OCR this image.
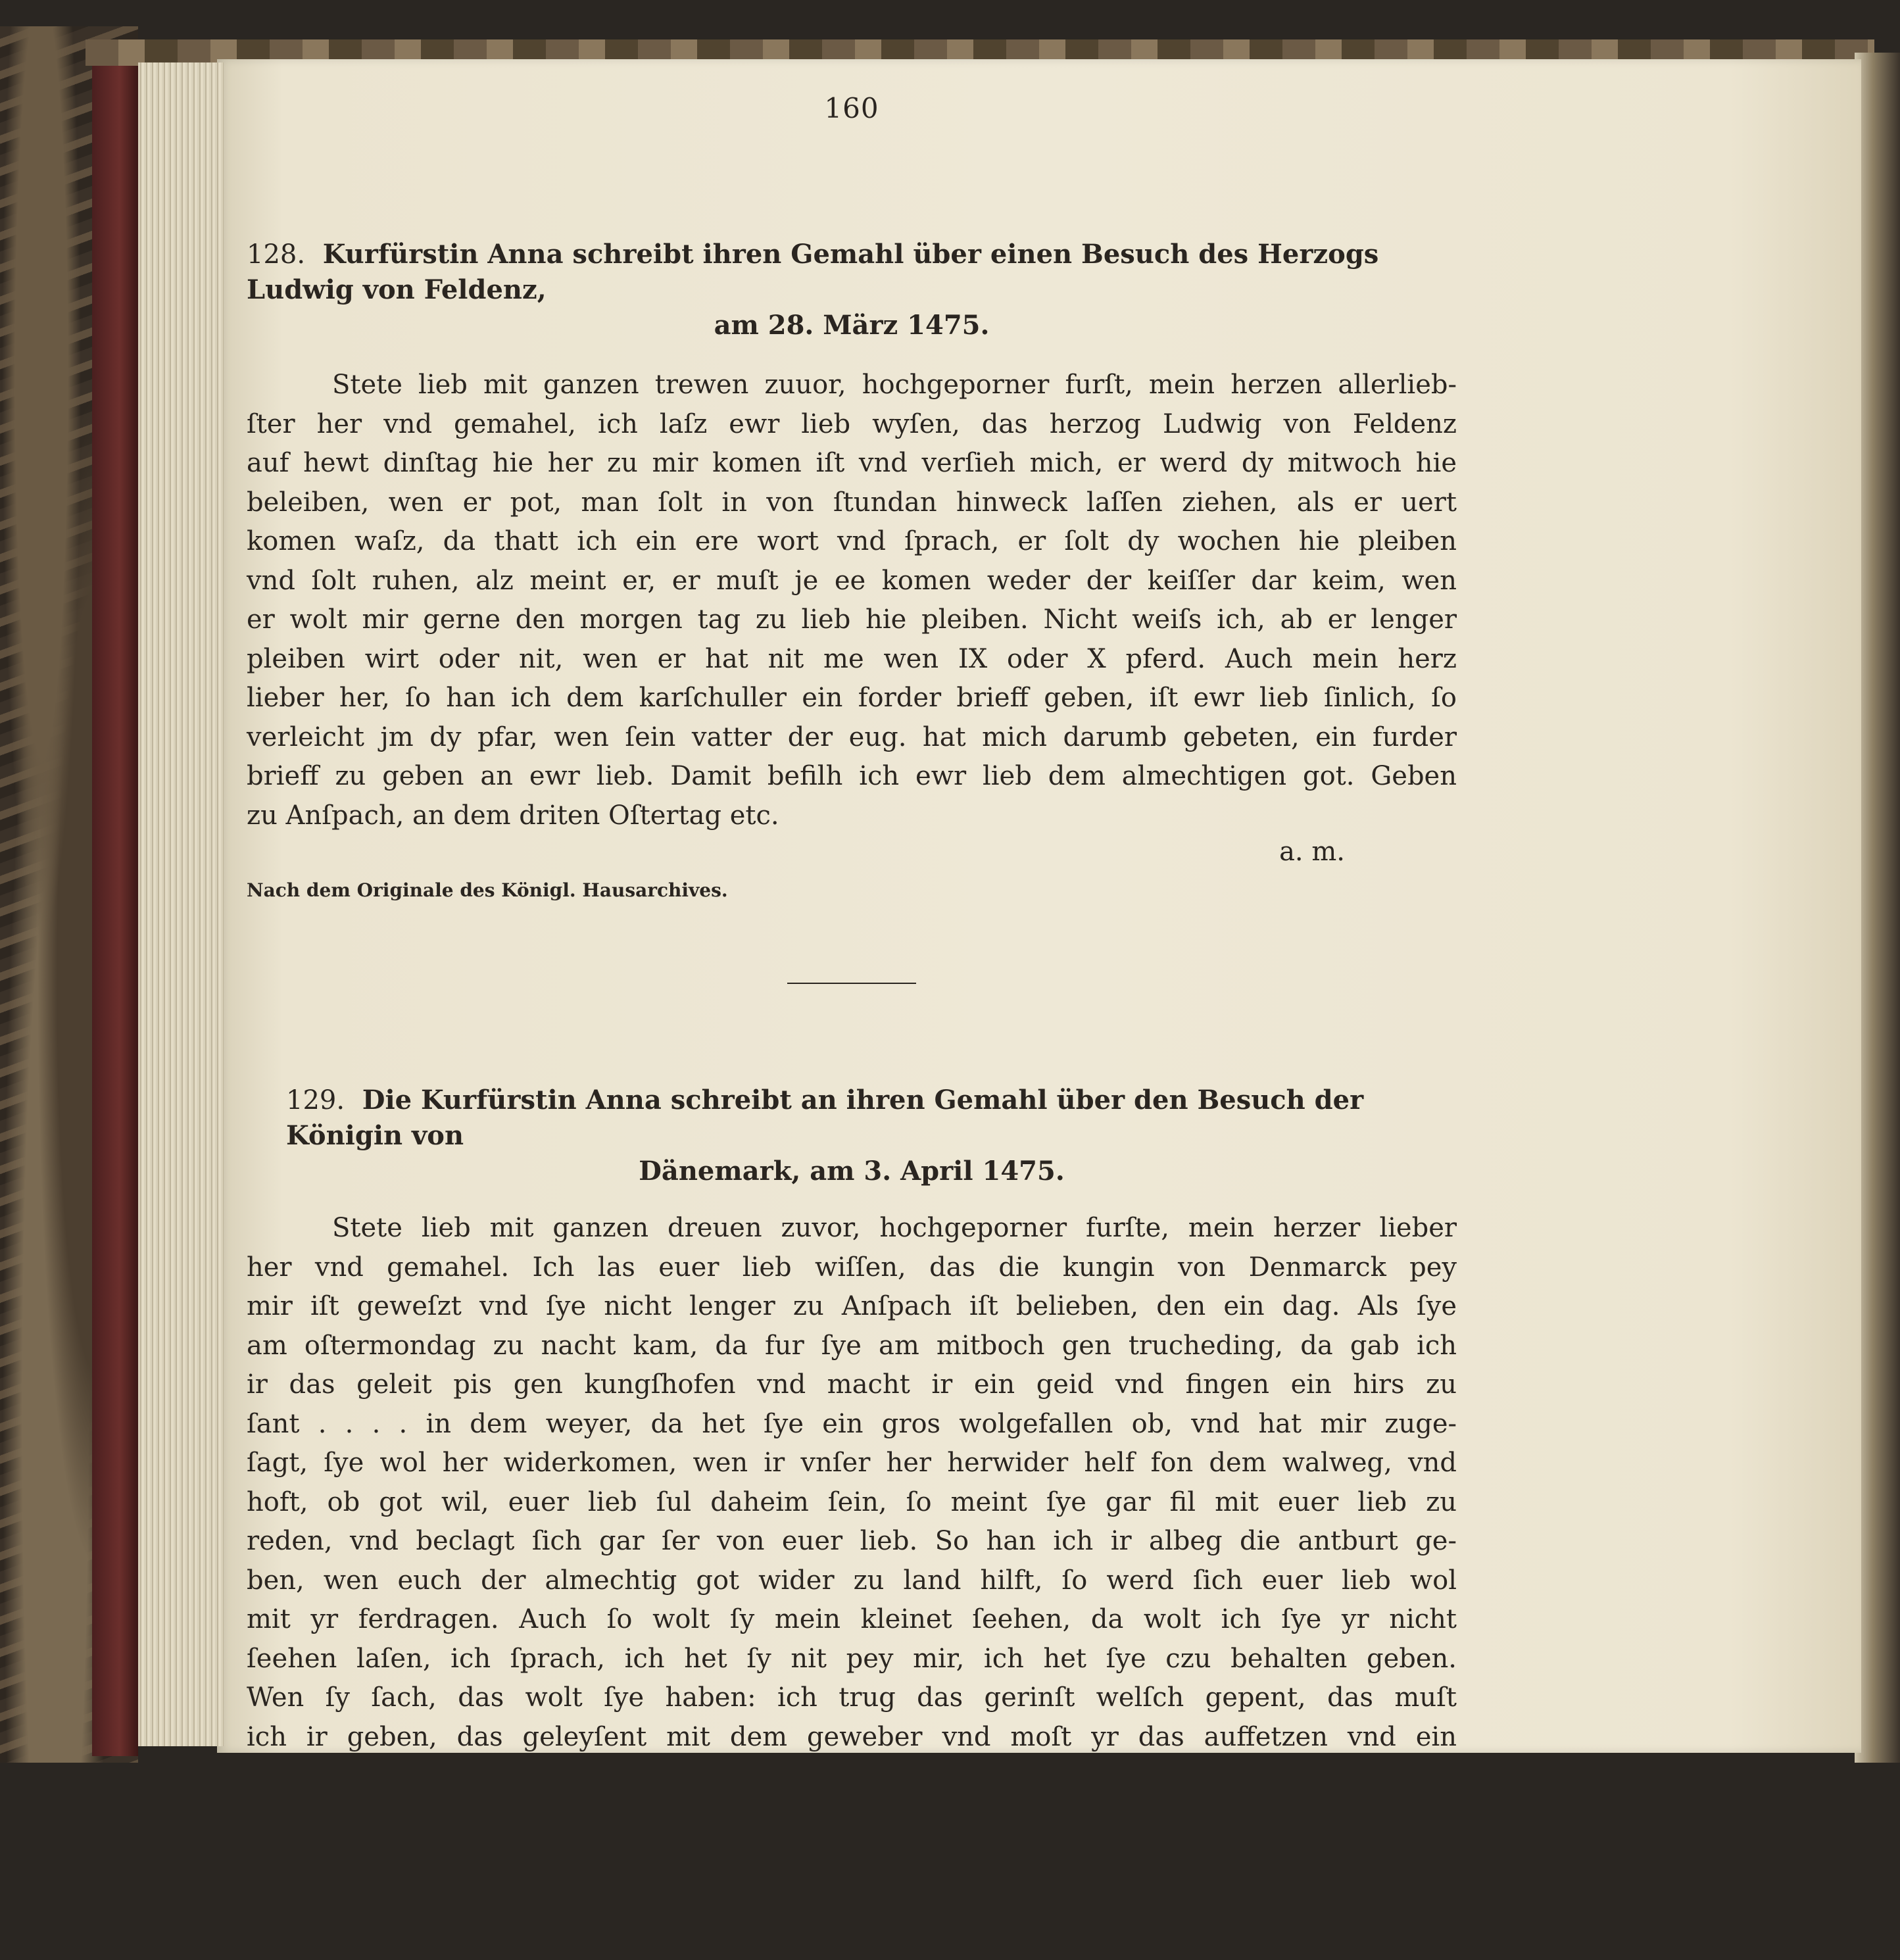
160
128. Kurfürstin Anna schreibt ihren Gemahl über einen Besuch des Herzogs Ludwig von Feldenz,
am 28. März 1475.
Stete lieb mit ganzen trewen zuuor, hochgeporner furſt, mein herzen allerlieb-
ſter her vnd gemahel, ich laſz ewr lieb wyſen, das herzog Ludwig von Feldenz
auf hewt dinſtag hie her zu mir komen iſt vnd verſieh mich, er werd dy mitwoch hie
beleiben, wen er pot, man ſolt in von ſtundan hinweck laſſen ziehen, als er uert
komen waſz, da thatt ich ein ere wort vnd ſprach, er ſolt dy wochen hie pleiben
vnd ſolt ruhen, alz meint er, er muſt je ee komen weder der keiſſer dar keim, wen
er wolt mir gerne den morgen tag zu lieb hie pleiben. Nicht weiſs ich, ab er lenger
pleiben wirt oder nit, wen er hat nit me wen IX oder X pferd. Auch mein herz
lieber her, ſo han ich dem karſchuller ein forder brieff geben, iſt ewr lieb ſinlich, ſo
verleicht jm dy pfar, wen ſein vatter der eug. hat mich darumb gebeten, ein furder
brieff zu geben an ewr lieb. Damit befilh ich ewr lieb dem almechtigen got. Geben
zu Anſpach, an dem driten Oſtertag etc.
a. m.
Nach dem Originale des Königl. Hausarchives.
129. Die Kurfürstin Anna schreibt an ihren Gemahl über den Besuch der Königin von
Dänemark, am 3. April 1475.
Stete lieb mit ganzen dreuen zuvor, hochgeporner furſte, mein herzer lieber
her vnd gemahel. Ich las euer lieb wiſſen, das die kungin von Denmarck pey
mir iſt geweſzt vnd ſye nicht lenger zu Anſpach iſt belieben, den ein dag. Als ſye
am oſtermondag zu nacht kam, da fur ſye am mitboch gen trucheding, da gab ich
ir das geleit pis gen kungſhofen vnd macht ir ein geid vnd fingen ein hirs zu
ſant . . . . in dem weyer, da het ſye ein gros wolgefallen ob, vnd hat mir zuge-
ſagt, ſye wol her widerkomen, wen ir vnſer her herwider helf fon dem walweg, vnd
hoft, ob got wil, euer lieb ſul daheim ſein, ſo meint ſye gar fil mit euer lieb zu
reden, vnd beclagt ſich gar ſer von euer lieb. So han ich ir albeg die antburt ge-
ben, wen euch der almechtig got wider zu land hilft, ſo werd ſich euer lieb wol
mit yr ferdragen. Auch ſo wolt ſy mein kleinet ſeehen, da wolt ich ſye yr nicht
ſeehen laſen, ich ſprach, ich het ſy nit pey mir, ich het ſye czu behalten geben.
Wen ſy ſach, das wolt ſye haben: ich trug das gerinſt welſch gepent, das muſt
ich ir geben, das geleyſent mit dem geweber vnd moſt yr das auffetzen vnd ein
